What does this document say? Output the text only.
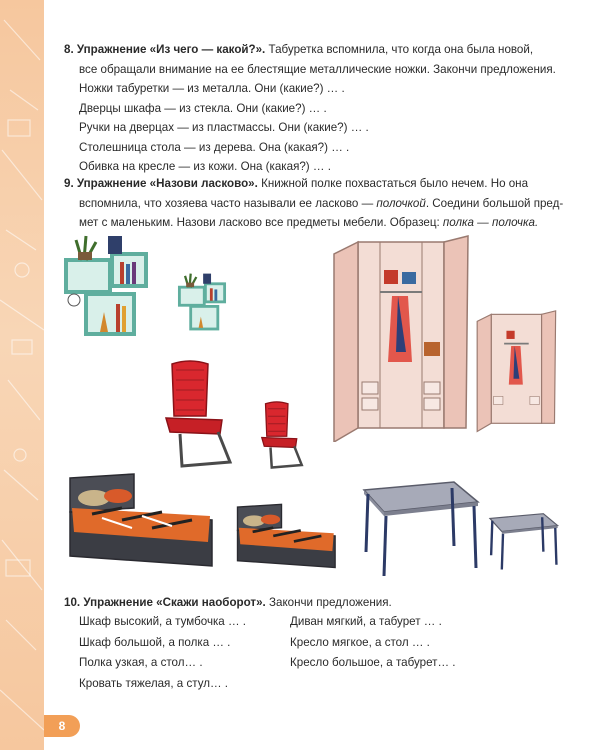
8. Упражнение «Из чего — какой?». Табуретка вспомнила, что когда она была новой,
все обращали внимание на ее блестящие металлические ножки. Закончи предложения.
Ножки табуретки — из металла. Они (какие?) … .
Дверцы шкафа — из стекла. Они (какие?) … .
Ручки на дверцах — из пластмассы. Они (какие?) … .
Столешница стола — из дерева. Она (какая?) … .
Обивка на кресле — из кожи. Она (какая?) … .
9. Упражнение «Назови ласково». Книжной полке похвастаться было нечем. Но она
вспомнила, что хозяева часто называли ее ласково — полочкой. Соедини большой пред-
мет с маленьким. Назови ласково все предметы мебели. Образец: полка — полочка.
10. Упражнение «Скажи наоборот». Закончи предложения.
Шкаф высокий, а тумбочка … .
Шкаф большой, а полка … .
Полка узкая, а стол… .
Кровать тяжелая, а стул… .
Диван мягкий, а табурет … .
Кресло мягкое, а стол … .
Кресло большое, а табурет… .
8
